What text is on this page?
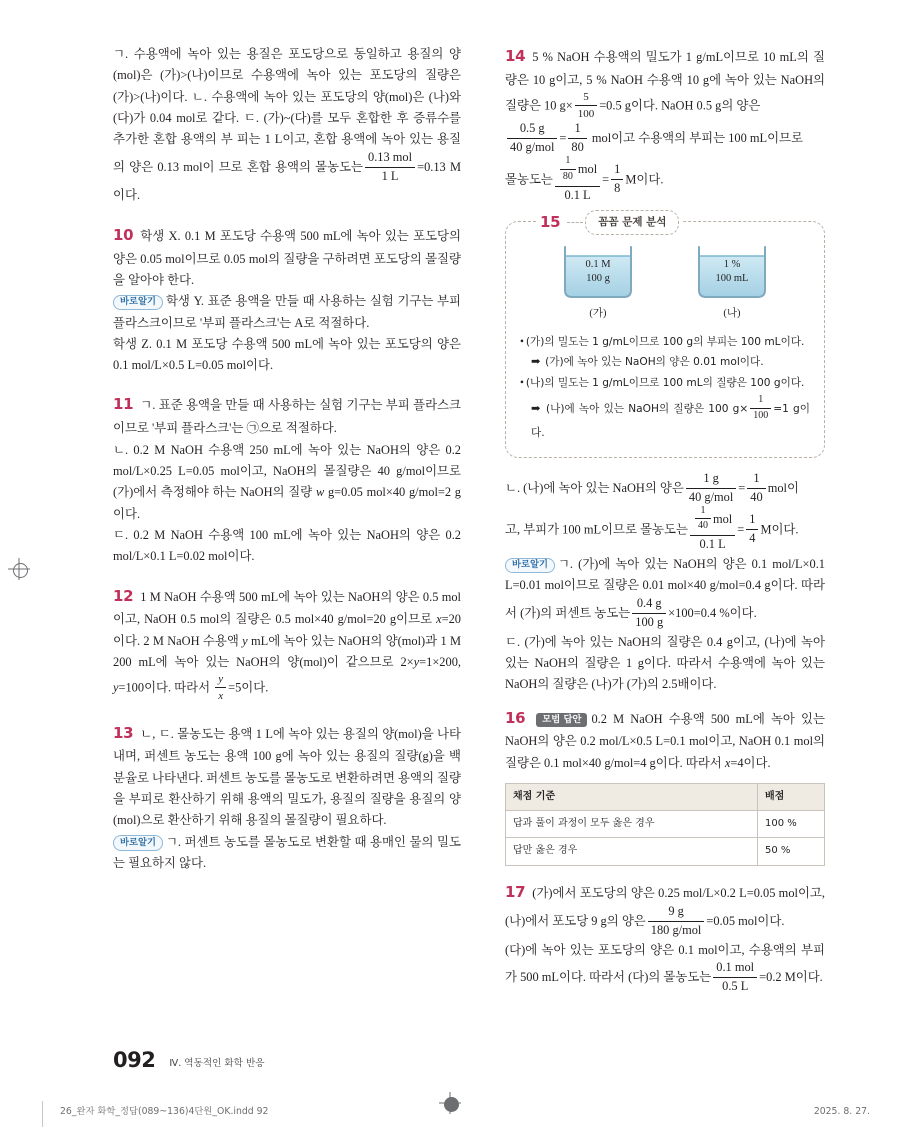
ㄱ. 수용액에 녹아 있는 용질은 포도당으로 동일하고 용질의 양 (mol)은 (가)>(나)이므로 수용액에 녹아 있는 포도당의 질량은 (가)>(나)이다. ㄴ. 수용액에 녹아 있는 포도당의 양(mol)은 (나)와 (다)가 0.04 mol로 같다. ㄷ. (가)~(다)를 모두 혼합한 후 증류수를 추가한 혼합 용액의 부 피는 1 L이고, 혼합 용액에 녹아 있는 용질의 양은 0.13 mol이 므로 혼합 용액의 몰농도는 $\frac{\text{0.13 mol}}{1 L} =0.13$ M이다.

10 학생 X. 0.1 M 포도당 수용액 500 mL에 녹아 있는 포도당의 양은 0.05 mol이므로 0.05 mol의 질량을 구하려면 포도당의 몰질량을 알아야 한다.

바로알기 학생 Y. 표준 용액을 만들 때 사용하는 실험 기구는 부피 플라스크이므로 '부피 플라스크'는 A로 적절하다.

학생 Z. 0.1 M 포도당 수용액 500 mL에 녹아 있는 포도당의 양은 0.1 mol/L×0.5 L=0.05 mol이다.

11 ㄱ. 표준 용액을 만들 때 사용하는 실험 기구는 부피 플라스크이므로 '부피 플라스크'는 ㉠으로 적절하다.

ㄴ. 0.2 M NaOH 수용액 250 mL에 녹아 있는 NaOH의 양은 0.2 mol/L×0.25 L=0.05 mol이고, NaOH의 몰질량은 40 g/mol이므로 (가)에서 측정해야 하는 NaOH의 질량 w g=0.05 mol×40 g/mol=2 g이다.

ㄷ. 0.2 M NaOH 수용액 100 mL에 녹아 있는 NaOH의 양은 0.2 mol/L×0.1 L=0.02 mol이다.

12 1 M NaOH 수용액 500 mL에 녹아 있는 NaOH의 양은 0.5 mol이고, NaOH 0.5 mol의 질량은 0.5 mol×40 g/mol=20 g이므로 x=20이다. 2 M NaOH 수용액 y mL에 녹아 있는 NaOH의 양(mol)과 1 M 200 mL에 녹아 있는 NaOH의 양(mol)이 같으므로 2×y=1×200, y=100이다. 따라서 $\frac{y}{x} =5$이다.

13 ㄴ, ㄷ. 몰농도는 용액 1 L에 녹아 있는 용질의 양(mol)을 나타내며, 퍼센트 농도는 용액 100 g에 녹아 있는 용질의 질량(g)을 백분율로 나타낸다. 퍼센트 농도를 몰농도로 변환하려면 용액의 질량을 부피로 환산하기 위해 용액의 밀도가, 용질의 질량을 용질의 양(mol)으로 환산하기 위해 용질의 몰질량이 필요하다.

바로알기 ㄱ. 퍼센트 농도를 몰농도로 변환할 때 용매인 물의 밀도는 필요하지 않다.

14 5 % NaOH 수용액의 밀도가 1 g/mL이므로 10 mL의 질량은 10 g이고, 5 % NaOH 수용액 10 g에 녹아 있는 NaOH의 질량은 10 $g\times \frac{5}{100} =0.5$ g이다. NaOH 0.5 g의 양은

$\frac{0.5 g}{\text{40 g/mol}} = \frac{1}{80}$ mol이고 수용액의 부피는 100 mL이므로

몰농도는 $\frac{\frac{1}{80} mol}{0.1 L} = \frac{1}{8}$ M이다.

15	꼼꼼 문제 분석
0.1 M
100 g
(가)
1 %
100 mL
(나)
• (가)의 밀도는 1 g/mL이므로 100 g의 부피는 100 mL이다.
➡ (가)에 녹아 있는 NaOH의 양은 0.01 mol이다.
• (나)의 밀도는 1 g/mL이므로 100 mL의 질량은 100 g이다.
➡ (나)에 녹아 있는 NaOH의 질량은 100 $g\times \frac{1}{100} =1$ g이다.

ㄴ. (나)에 녹아 있는 NaOH의 양은 $\frac{1 g}{\text{40 g/mol}} = \frac{1}{40}$ mol이

고, 부피가 100 mL이므로 몰농도는 $\frac{\frac{1}{40} mol}{0.1 L} = \frac{1}{4}$ M이다.

바로알기 ㄱ. (가)에 녹아 있는 NaOH의 양은 0.1 mol/L×0.1 L=0.01 mol이므로 질량은 0.01 mol×40 g/mol=0.4 g이다. 따라서 (가)의 퍼센트 농도는 $\frac{0.4 g}{100 g} \times 100=0.4$ %이다.

ㄷ. (가)에 녹아 있는 NaOH의 질량은 0.4 g이고, (나)에 녹아 있는 NaOH의 질량은 1 g이다. 따라서 수용액에 녹아 있는 NaOH의 질량은 (나)가 (가)의 2.5배이다.

16 모범 답안 0.2 M NaOH 수용액 500 mL에 녹아 있는 NaOH의 양은 0.2 mol/L×0.5 L=0.1 mol이고, NaOH 0.1 mol의 질량은 0.1 mol×40 g/mol=4 g이다. 따라서 x=4이다.

채점 기준	배점
답과 풀이 과정이 모두 옳은 경우	100 %
답만 옳은 경우	50 %

17 (가)에서 포도당의 양은 0.25 mol/L×0.2 L=0.05 mol이고, (나)에서 포도당 9 g의 양은 $\frac{9 g}{\text{180 g/mol}} =0.05$ mol이다.

(다)에 녹아 있는 포도당의 양은 0.1 mol이고, 수용액의 부피가 500 mL이다. 따라서 (다)의 몰농도는 $\frac{\text{0.1 mol}}{0.5 L} =0.2$ M이다.

092 Ⅳ. 역동적인 화학 반응
26_완자 화학_정답(089~136)4단원_OK.indd 92	2025. 8. 27.
